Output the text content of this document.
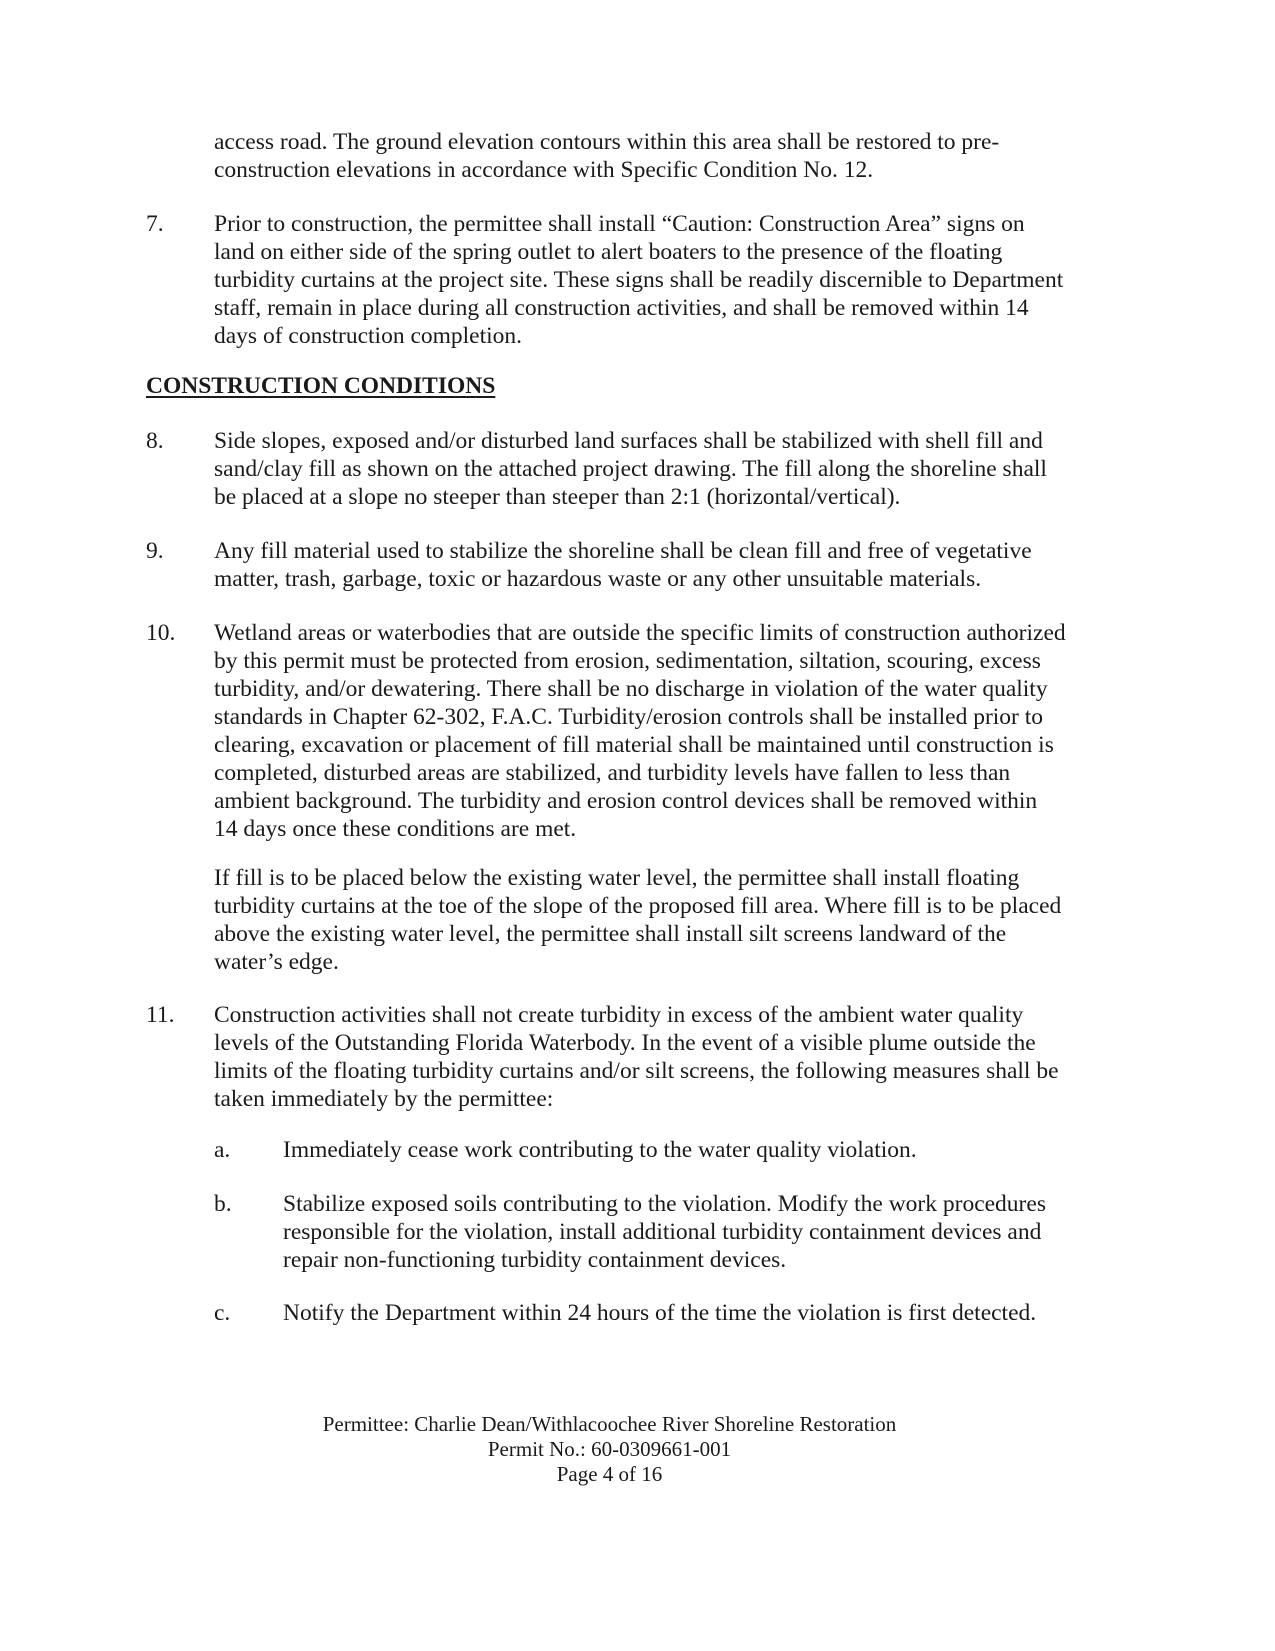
access road. The ground elevation contours within this area shall be restored to pre-construction elevations in accordance with Specific Condition No. 12.

7. Prior to construction, the permittee shall install “Caution: Construction Area” signs on land on either side of the spring outlet to alert boaters to the presence of the floating turbidity curtains at the project site. These signs shall be readily discernible to Department staff, remain in place during all construction activities, and shall be removed within 14 days of construction completion.

CONSTRUCTION CONDITIONS

8. Side slopes, exposed and/or disturbed land surfaces shall be stabilized with shell fill and sand/clay fill as shown on the attached project drawing. The fill along the shoreline shall be placed at a slope no steeper than steeper than 2:1 (horizontal/vertical).

9. Any fill material used to stabilize the shoreline shall be clean fill and free of vegetative matter, trash, garbage, toxic or hazardous waste or any other unsuitable materials.

10. Wetland areas or waterbodies that are outside the specific limits of construction authorized by this permit must be protected from erosion, sedimentation, siltation, scouring, excess turbidity, and/or dewatering. There shall be no discharge in violation of the water quality standards in Chapter 62-302, F.A.C. Turbidity/erosion controls shall be installed prior to clearing, excavation or placement of fill material shall be maintained until construction is completed, disturbed areas are stabilized, and turbidity levels have fallen to less than ambient background. The turbidity and erosion control devices shall be removed within 14 days once these conditions are met.

If fill is to be placed below the existing water level, the permittee shall install floating turbidity curtains at the toe of the slope of the proposed fill area. Where fill is to be placed above the existing water level, the permittee shall install silt screens landward of the water’s edge.

11. Construction activities shall not create turbidity in excess of the ambient water quality levels of the Outstanding Florida Waterbody. In the event of a visible plume outside the limits of the floating turbidity curtains and/or silt screens, the following measures shall be taken immediately by the permittee:

a. Immediately cease work contributing to the water quality violation.

b. Stabilize exposed soils contributing to the violation. Modify the work procedures responsible for the violation, install additional turbidity containment devices and repair non-functioning turbidity containment devices.

c. Notify the Department within 24 hours of the time the violation is first detected.

Permittee: Charlie Dean/Withlacoochee River Shoreline Restoration
Permit No.: 60-0309661-001
Page 4 of 16
